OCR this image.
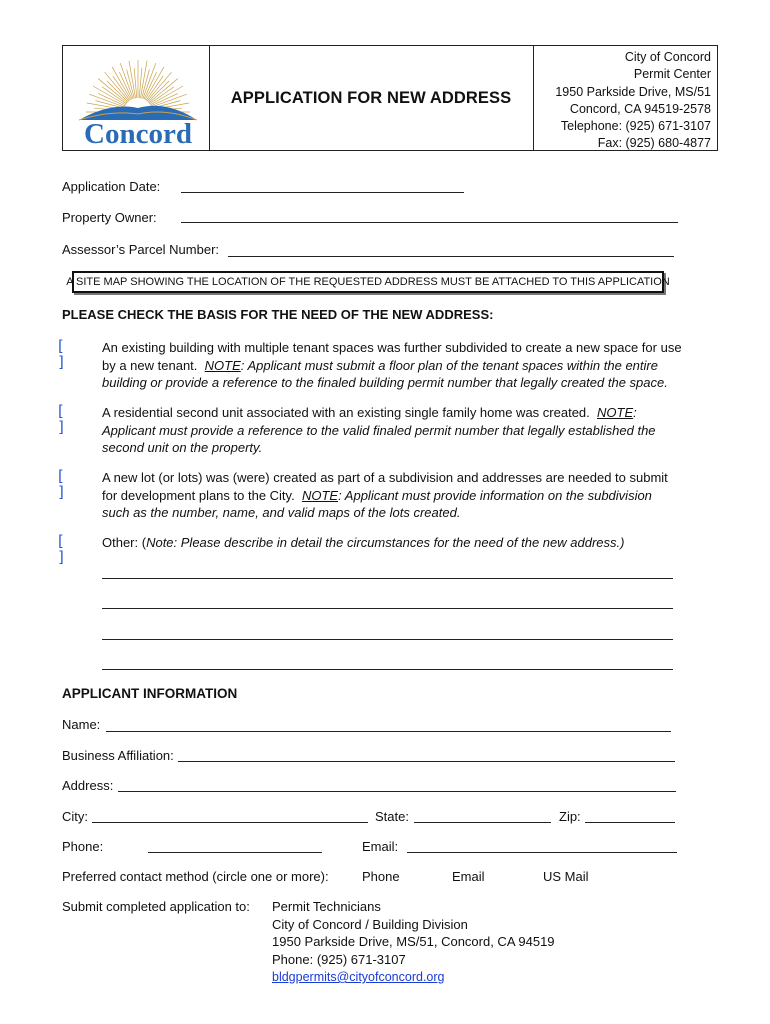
Concord
APPLICATION FOR NEW ADDRESS
City of Concord
Permit Center
1950 Parkside Drive, MS/51
Concord, CA 94519-2578
Telephone: (925) 671-3107
Fax: (925) 680-4877
Application Date:
Property Owner:
Assessor’s Parcel Number:
A SITE MAP SHOWING THE LOCATION OF THE REQUESTED ADDRESS MUST BE ATTACHED TO THIS APPLICATION
PLEASE CHECK THE BASIS FOR THE NEED OF THE NEW ADDRESS:
[ ]
An existing building with multiple tenant spaces was further subdivided to create a new space for use by a new tenant. NOTE: Applicant must submit a floor plan of the tenant spaces within the entire building or provide a reference to the finaled building permit number that legally created the space.
[ ]
A residential second unit associated with an existing single family home was created. NOTE: Applicant must provide a reference to the valid finaled permit number that legally established the second unit on the property.
[ ]
A new lot (or lots) was (were) created as part of a subdivision and addresses are needed to submit for development plans to the City. NOTE: Applicant must provide information on the subdivision such as the number, name, and valid maps of the lots created.
[ ]
Other: (Note: Please describe in detail the circumstances for the need of the new address.)
APPLICANT INFORMATION
Name:
Business Affiliation:
Address:
City:	State:	Zip:
Phone:	Email:
Preferred contact method (circle one or more):	Phone	Email	US Mail
Submit completed application to: Permit Technicians
City of Concord / Building Division
1950 Parkside Drive, MS/51, Concord, CA 94519
Phone: (925) 671-3107
bldgpermits@cityofconcord.org
